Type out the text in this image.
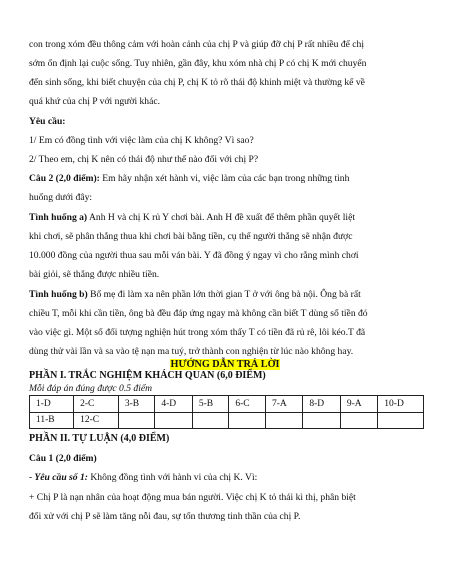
con trong xóm đều thông cảm với hoàn cảnh của chị P và giúp đỡ chị P rất nhiều để chị

sớm ổn định lại cuộc sống. Tuy nhiên, gần đây, khu xóm nhà chị P có chị K mới chuyển

đến sinh sống, khi biết chuyện của chị P, chị K tỏ rõ thái độ khinh miệt và thường kể về

quá khứ của chị P với người khác.

Yêu cầu:

1/ Em có đồng tình với việc làm của chị K không? Vì sao?

2/ Theo em, chị K nên có thái độ như thế nào đối với chị P?

Câu 2 (2,0 điểm): Em hãy nhận xét hành vi, việc làm của các bạn trong những tình

huống dưới đây:

Tình huống a) Anh H và chị K rủ Y chơi bài. Anh H đề xuất để thêm phần quyết liệt

khi chơi, sẽ phân thắng thua khi chơi bài bằng tiền, cụ thể người thắng sẽ nhận được

10.000 đồng của người thua sau mỗi ván bài. Y đã đồng ý ngay vì cho rằng mình chơi

bài giỏi, sẽ thắng được nhiều tiền.

Tình huống b) Bố mẹ đi làm xa nên phần lớn thời gian T ở với ông bà nội. Ông bà rất

chiều T, mỗi khi cần tiền, ông bà đều đáp ứng ngay mà không cần biết T dùng số tiền đó

vào việc gì. Một số đối tượng nghiện hút trong xóm thấy T có tiền đã rủ rê, lôi kéo.T đã

dùng thử vài lần và sa vào tệ nạn ma tuý, trở thành con nghiện từ lúc nào không hay.

HƯỚNG DẪN TRẢ LỜI

PHẦN I. TRẮC NGHIỆM KHÁCH QUAN (6,0 ĐIỂM)

Mỗi đáp án đúng được 0.5 điểm

1-D	2-C	3-B	4-D	5-B	6-C	7-A	8-D	9-A	10-D
11-B	12-C								

PHẦN II. TỰ LUẬN (4,0 ĐIỂM)

Câu 1 (2,0 điểm)

- Yêu cầu số 1: Không đồng tình với hành vi của chị K. Vì:

+ Chị P là nạn nhân của hoạt động mua bán người. Việc chị K tỏ thái kì thị, phân biệt

đối xử với chị P sẽ làm tăng nỗi đau, sự tổn thương tinh thần của chị P.
